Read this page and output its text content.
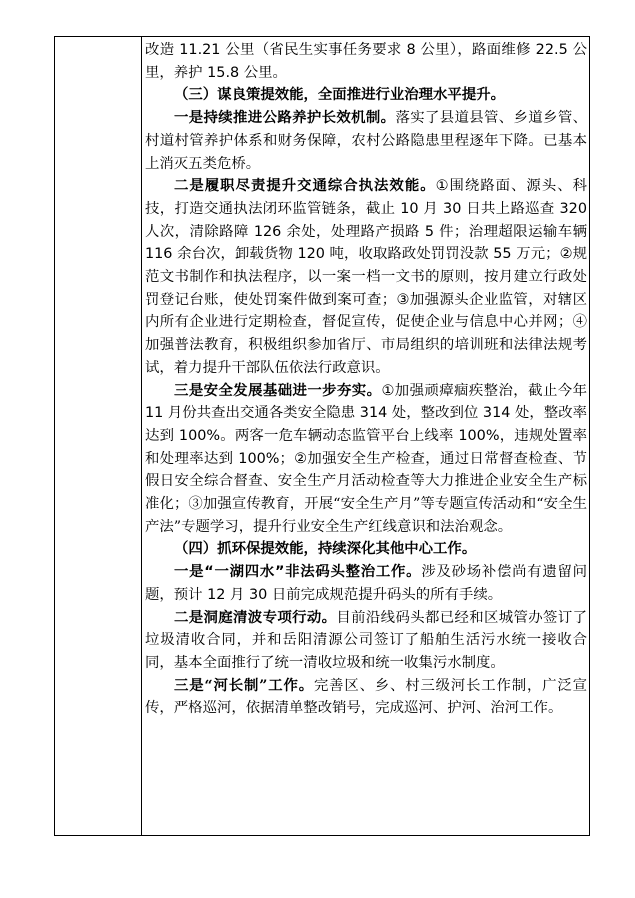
改造 11.21 公里（省民生实事任务要求 8 公里），路面维修 22.5 公里，养护 15.8 公里。

（三）谋良策提效能，全面推进行业治理水平提升。

一是持续推进公路养护长效机制。落实了县道县管、乡道乡管、村道村管养护体系和财务保障，农村公路隐患里程逐年下降。已基本上消灭五类危桥。

二是履职尽责提升交通综合执法效能。①围绕路面、源头、科技，打造交通执法闭环监管链条，截止 10 月 30 日共上路巡查 320 人次，清除路障 126 余处，处理路产损路 5 件；治理超限运输车辆 116 余台次，卸载货物 120 吨，收取路政处罚罚没款 55 万元；②规范文书制作和执法程序，以一案一档一文书的原则，按月建立行政处罚登记台账，使处罚案件做到案可查；③加强源头企业监管，对辖区内所有企业进行定期检查，督促宣传，促使企业与信息中心并网；④加强普法教育，积极组织参加省厅、市局组织的培训班和法律法规考试，着力提升干部队伍依法行政意识。

三是安全发展基础进一步夯实。①加强顽瘴痼疾整治，截止今年 11 月份共查出交通各类安全隐患 314 处，整改到位 314 处，整改率达到 100%。两客一危车辆动态监管平台上线率 100%，违规处置率和处理率达到 100%；②加强安全生产检查，通过日常督查检查、节假日安全综合督查、安全生产月活动检查等大力推进企业安全生产标准化；③加强宣传教育，开展“安全生产月”等专题宣传活动和“安全生产法”专题学习，提升行业安全生产红线意识和法治观念。

（四）抓环保提效能，持续深化其他中心工作。

一是“一湖四水”非法码头整治工作。涉及砂场补偿尚有遗留问题，预计 12 月 30 日前完成规范提升码头的所有手续。

二是洞庭清波专项行动。目前沿线码头都已经和区城管办签订了垃圾清收合同，并和岳阳清源公司签订了船舶生活污水统一接收合同，基本全面推行了统一清收垃圾和统一收集污水制度。

三是“河长制”工作。完善区、乡、村三级河长工作制，广泛宣传，严格巡河，依据清单整改销号，完成巡河、护河、治河工作。
